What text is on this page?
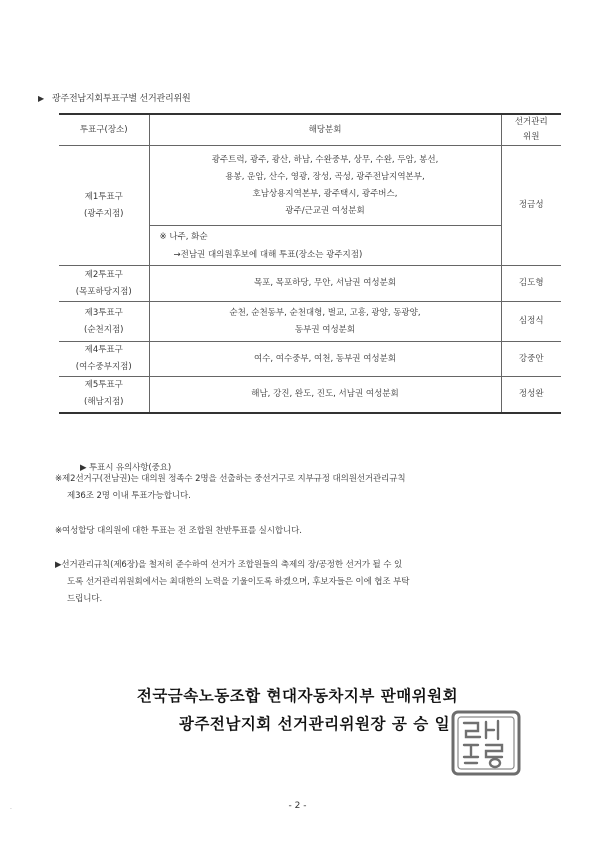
▶ 광주전남지회투표구별 선거관리위원
투표구(장소)	해당분회	선거관리
위원
제1투표구
(광주지점)	광주트럭, 광주, 광산, 하남, 수완중부, 상무, 수완, 두암, 봉선,
용봉, 운암, 산수, 영광, 장성, 곡성, 광주전남지역본부,
호남상용지역본부, 광주택시, 광주버스,
광주/근교권 여성분회	정금성

	※ 나주, 화순
→전남권 대의원후보에 대해 투표(장소는 광주지점)	

제2투표구
(목포하당지점)	목포, 목포하당, 무안, 서남권 여성분회	김도형
제3투표구
(순천지점)	순천, 순천동부, 순천대형, 벌교, 고흥, 광양, 동광양,
동부권 여성분회	심정식
제4투표구
(여수중부지점)	여수, 여수중부, 여천, 동부권 여성분회	강중안
제5투표구
(해남지점)	해남, 강진, 완도, 진도, 서남권 여성분회	정성완
▶ 투표시 유의사항(중요)
※제2선거구(전남권)는 대의원 정족수 2명을 선출하는 중선거구로 지부규정 대의원선거관리규칙
제36조 2명 이내 투표가능합니다.
※여성할당 대의원에 대한 투표는 전 조합원 찬반투표를 실시합니다.
▶선거관리규칙(제6장)을 철저히 준수하여 선거가 조합원들의 축제의 장/공정한 선거가 될 수 있
도록 선거관리위원회에서는 최대한의 노력을 기울이도록 하겠으며, 후보자들은 이에 협조 부탁
드립니다.
전국금속노동조합 현대자동차지부 판매위원회
광주전남지회 선거관리위원장 공 승 일
- 2 -
·
